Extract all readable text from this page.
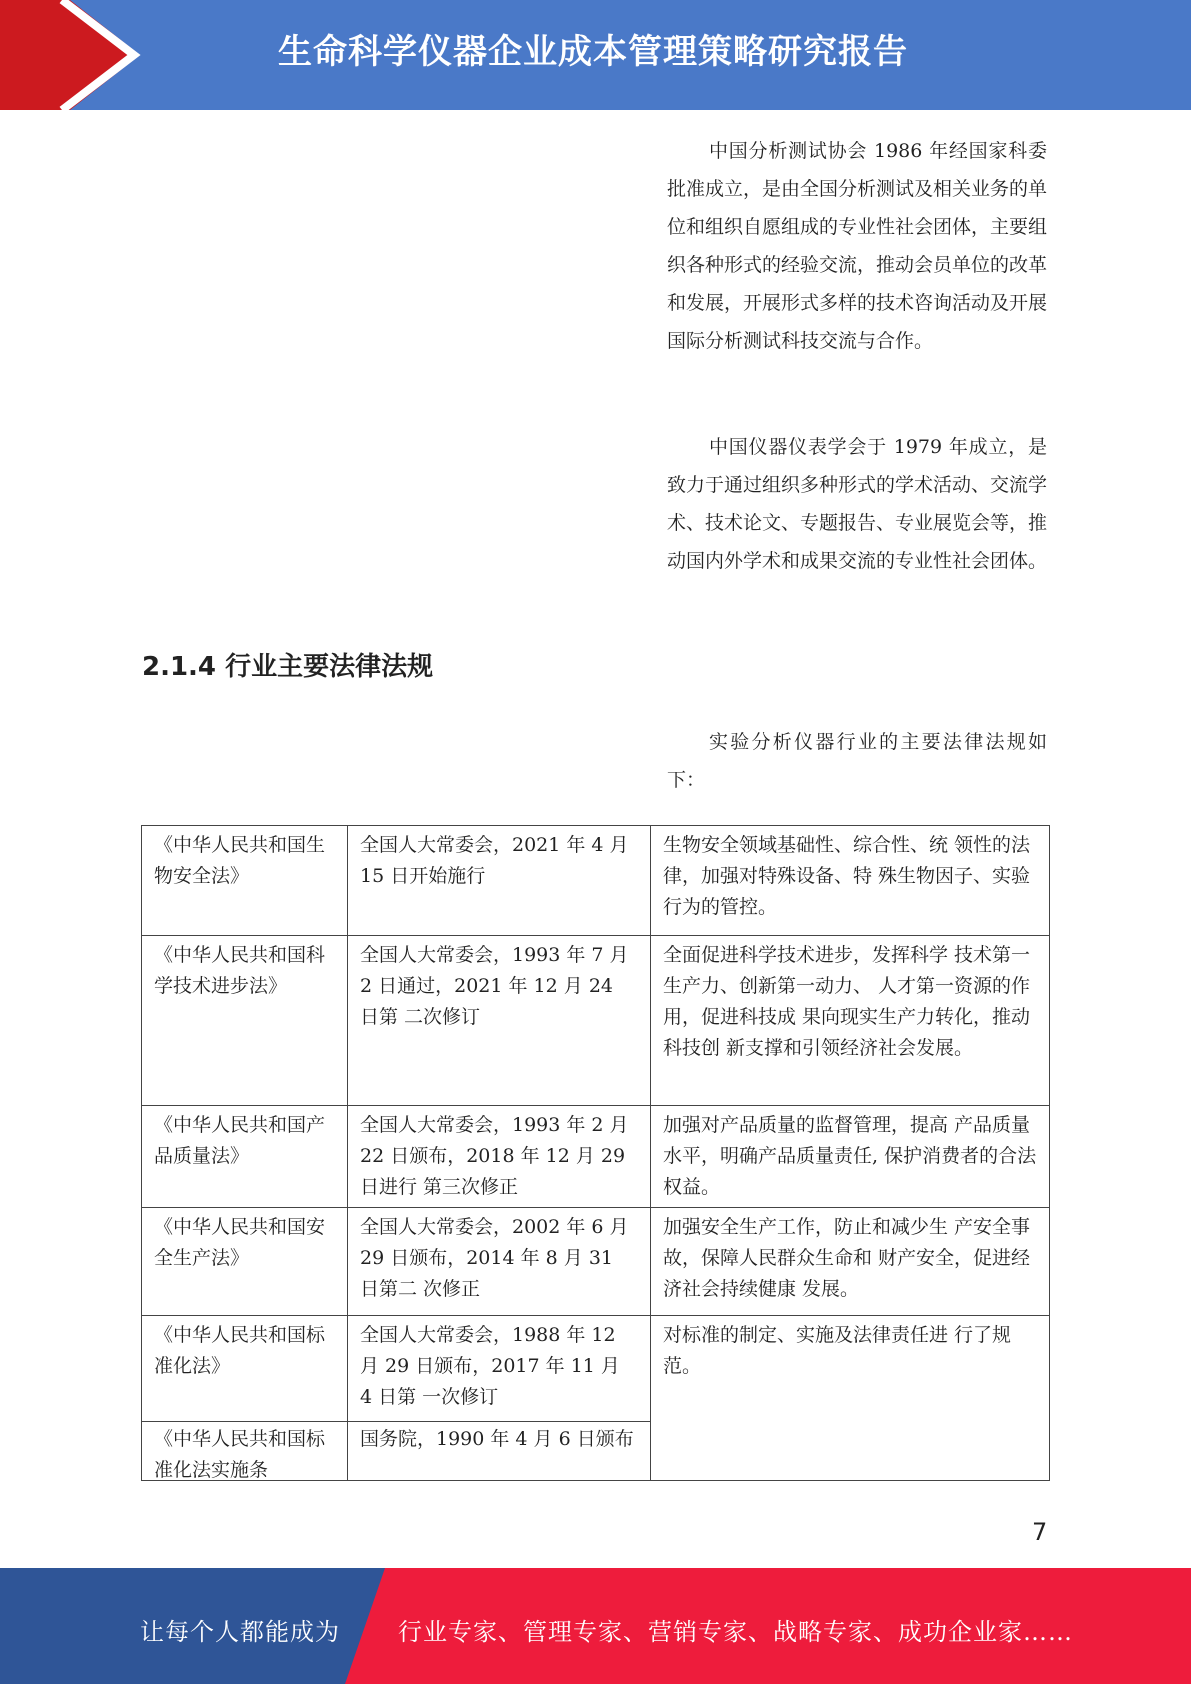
生命科学仪器企业成本管理策略研究报告

中国分析测试协会 1986 年经国家科委批准成立，是由全国分析测试及相关业务的单位和组织自愿组成的专业性社会团体，主要组织各种形式的经验交流，推动会员单位的改革和发展，开展形式多样的技术咨询活动及开展国际分析测试科技交流与合作。

中国仪器仪表学会于 1979 年成立，是致力于通过组织多种形式的学术活动、交流学术、技术论文、专题报告、专业展览会等，推动国内外学术和成果交流的专业性社会团体。

2.1.4 行业主要法律法规

实验分析仪器行业的主要法律法规如下：

《中华人民共和国生 物安全法》	全国人大常委会，2021 年 4 月 15 日开始施行	生物安全领域基础性、综合性、统 领性的法律，加强对特殊设备、特 殊生物因子、实验行为的管控。
《中华人民共和国科 学技术进步法》	全国人大常委会，1993 年 7 月 2 日通过，2021 年 12 月 24 日第 二次修订	全面促进科学技术进步，发挥科学 技术第一生产力、创新第一动力、 人才第一资源的作用，促进科技成 果向现实生产力转化，推动科技创 新支撑和引领经济社会发展。
《中华人民共和国产 品质量法》	全国人大常委会，1993 年 2 月 22 日颁布，2018 年 12 月 29 日进行 第三次修正	加强对产品质量的监督管理，提高 产品质量水平，明确产品质量责任, 保护消费者的合法权益。
《中华人民共和国安 全生产法》	全国人大常委会，2002 年 6 月 29 日颁布，2014 年 8 月 31 日第二 次修正	加强安全生产工作，防止和减少生 产安全事故，保障人民群众生命和 财产安全，促进经济社会持续健康 发展。
《中华人民共和国标 准化法》	全国人大常委会，1988 年 12 月 29 日颁布，2017 年 11 月 4 日第 一次修订	对标准的制定、实施及法律责任进 行了规范。

《中华人民共和国标 准化法实施条	国务院，1990 年 4 月 6 日颁布	
7
让每个人都能成为 行业专家、管理专家、营销专家、战略专家、成功企业家……
